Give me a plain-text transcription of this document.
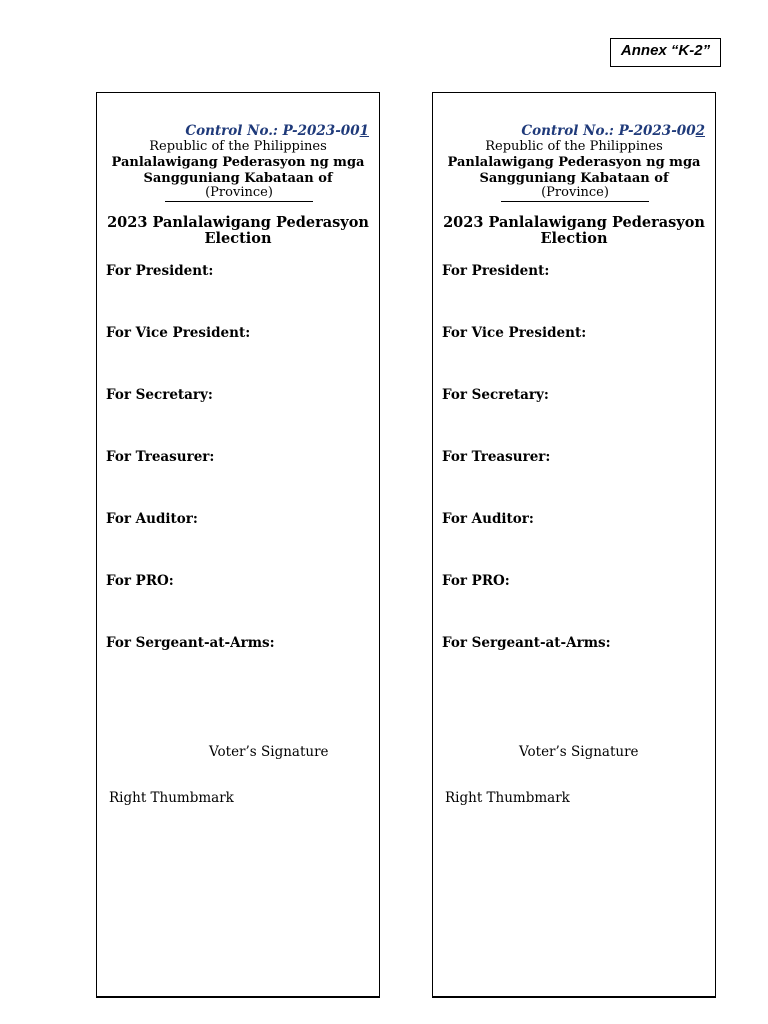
Annex “K-2”
Control No.: P-2023-001
Republic of the Philippines
Panlalawigang Pederasyon ng mga
Sangguniang Kabataan of
(Province)
2023 Panlalawigang Pederasyon
Election
For President:
For Vice President:
For Secretary:
For Treasurer:
For Auditor:
For PRO:
For Sergeant-at-Arms:
Voter’s Signature
Right Thumbmark
Control No.: P-2023-002
Republic of the Philippines
Panlalawigang Pederasyon ng mga
Sangguniang Kabataan of
(Province)
2023 Panlalawigang Pederasyon
Election
For President:
For Vice President:
For Secretary:
For Treasurer:
For Auditor:
For PRO:
For Sergeant-at-Arms:
Voter’s Signature
Right Thumbmark
